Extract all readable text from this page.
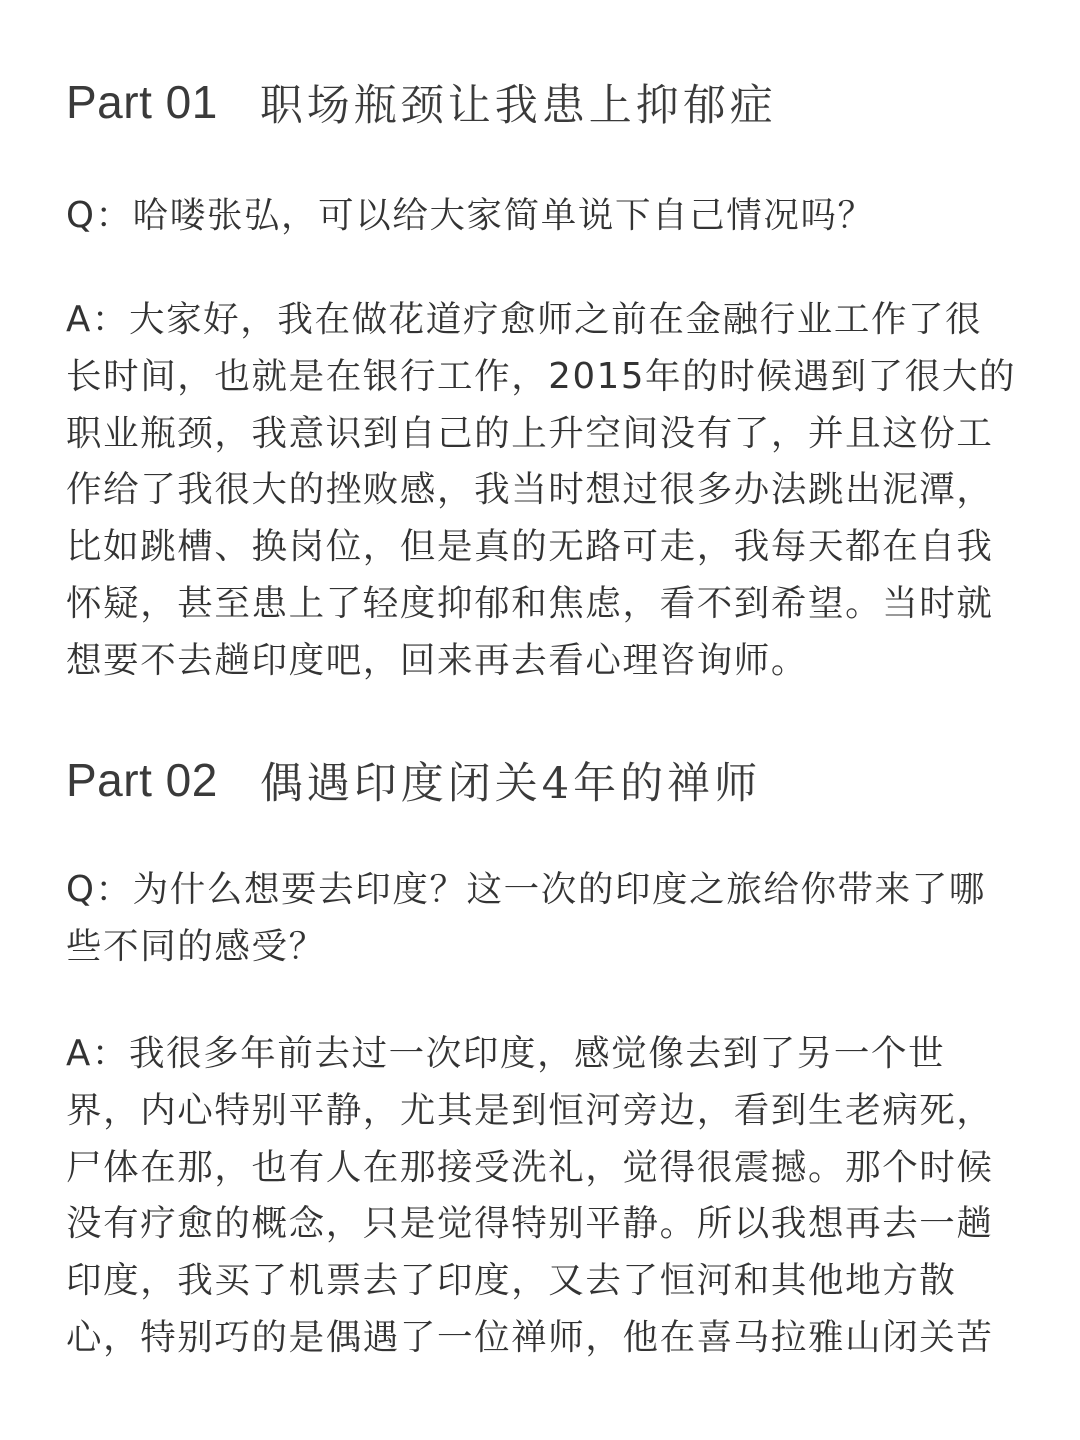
Part 01 职场瓶颈让我患上抑郁症

Q：哈喽张弘，可以给大家简单说下自己情况吗？

A：大家好，我在做花道疗愈师之前在金融行业工作了很长时间，也就是在银行工作，2015年的时候遇到了很大的职业瓶颈，我意识到自己的上升空间没有了，并且这份工作给了我很大的挫败感，我当时想过很多办法跳出泥潭，比如跳槽、换岗位，但是真的无路可走，我每天都在自我怀疑，甚至患上了轻度抑郁和焦虑，看不到希望。当时就想要不去趟印度吧，回来再去看心理咨询师。

Part 02 偶遇印度闭关4年的禅师

Q：为什么想要去印度？这一次的印度之旅给你带来了哪些不同的感受？

A：我很多年前去过一次印度，感觉像去到了另一个世界，内心特别平静，尤其是到恒河旁边，看到生老病死，尸体在那，也有人在那接受洗礼，觉得很震撼。那个时候没有疗愈的概念，只是觉得特别平静。所以我想再去一趟印度，我买了机票去了印度，又去了恒河和其他地方散心，特别巧的是偶遇了一位禅师，他在喜马拉雅山闭关苦
